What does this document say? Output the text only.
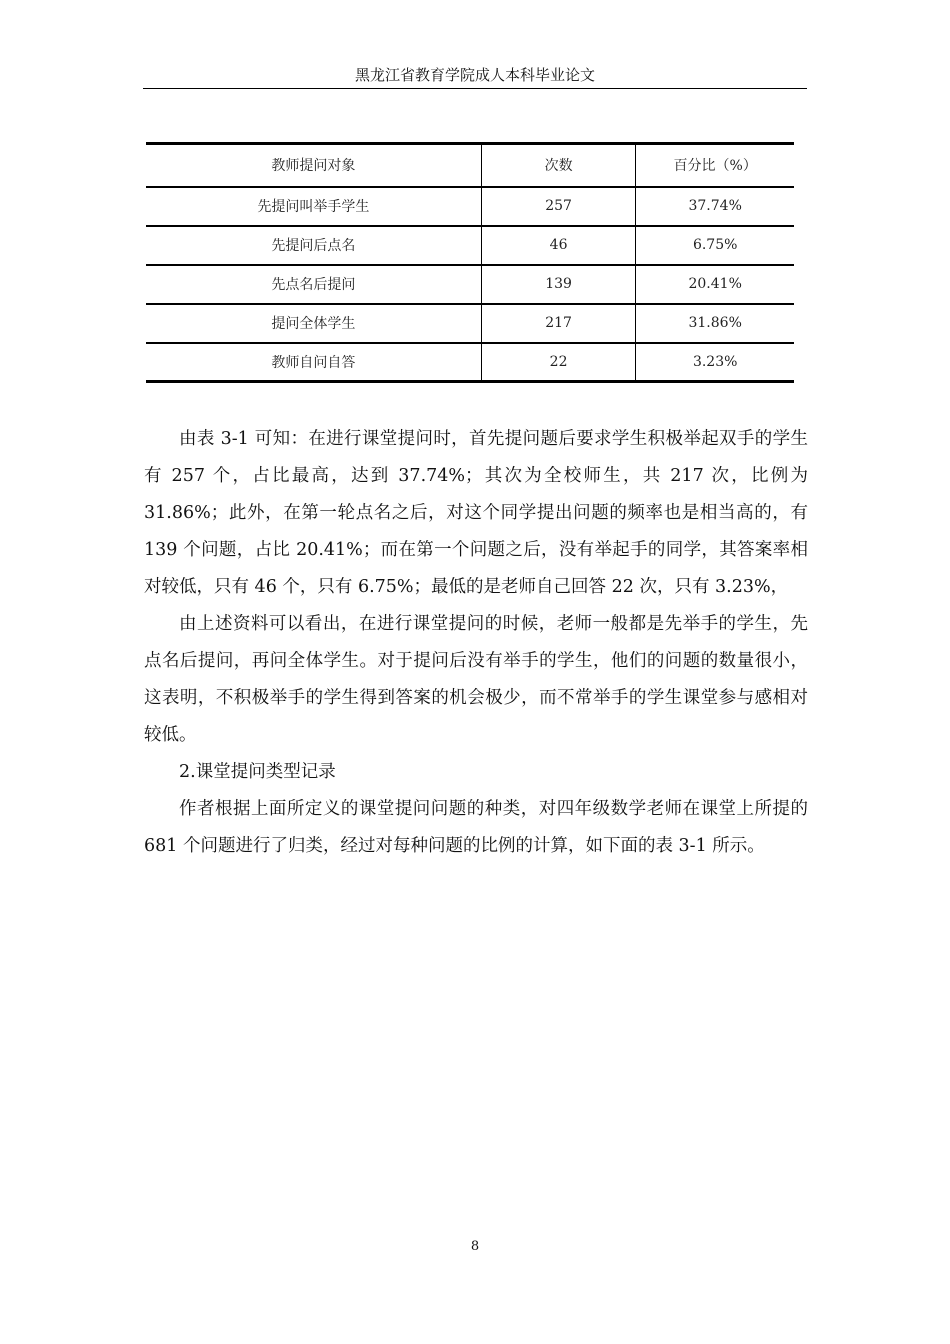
黑龙江省教育学院成人本科毕业论文
教师提问对象	次数	百分比（%）
先提问叫举手学生	257	37.74%
先提问后点名	46	6.75%
先点名后提问	139	20.41%
提问全体学生	217	31.86%
教师自问自答	22	3.23%

由表 3-1 可知：在进行课堂提问时，首先提问题后要求学生积极举起双手的学生有 257 个，占比最高，达到 37.74%；其次为全校师生，共 217 次，比例为 31.86%；此外，在第一轮点名之后，对这个同学提出问题的频率也是相当高的，有 139 个问题，占比 20.41%；而在第一个问题之后，没有举起手的同学，其答案率相对较低，只有 46 个，只有 6.75%；最低的是老师自己回答 22 次，只有 3.23%，

由上述资料可以看出，在进行课堂提问的时候，老师一般都是先举手的学生，先点名后提问，再问全体学生。对于提问后没有举手的学生，他们的问题的数量很小，这表明，不积极举手的学生得到答案的机会极少，而不常举手的学生课堂参与感相对较低。

2.课堂提问类型记录

作者根据上面所定义的课堂提问问题的种类，对四年级数学老师在课堂上所提的 681 个问题进行了归类，经过对每种问题的比例的计算，如下面的表 3-1 所示。

8
